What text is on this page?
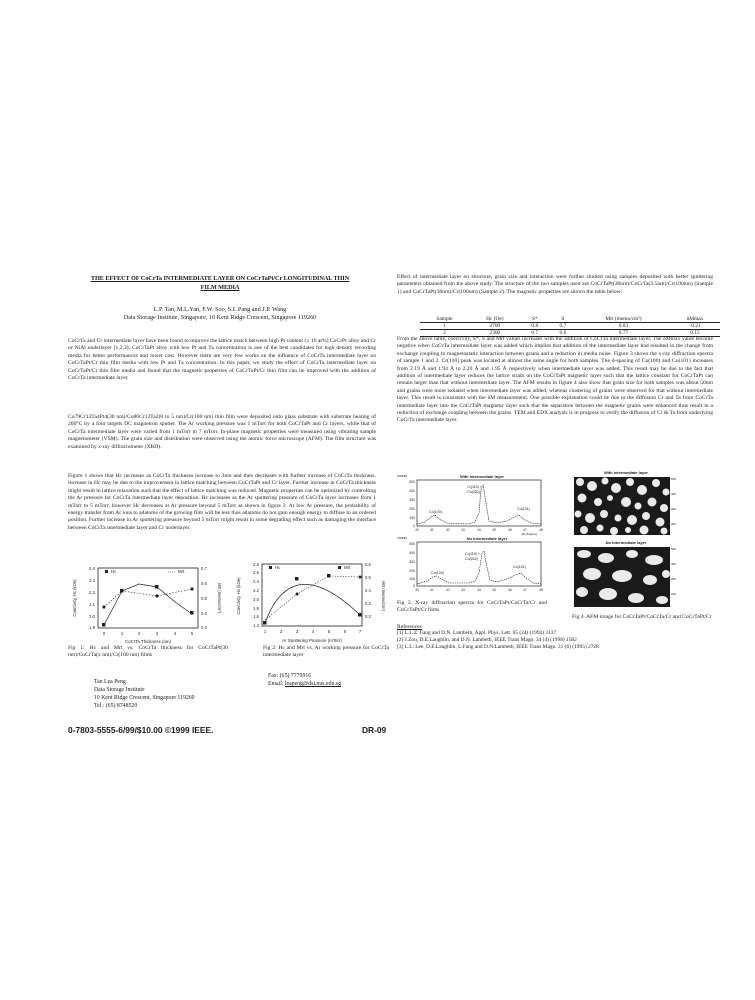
THE EFFECT OF CoCrTa INTERMEDIATE LAYER ON CoCrTaPt/Cr LONGITUDINAL THIN
FILM MEDIA
L.P. Tan, M.L.Yan, F.W. Soo, S.L Pang and J.P. Wang
Data Storage Institute, Singapore, 10 Kent Ridge Crescent, Singapore 119260
CoCrTa and Cr intermediate layer have been found to improve the lattice match between high Pt content (≥ 16 at%) CoCrPt alloy and Cr or NiAl underlayer [1,2,3]. CoCrTaPt alloy with low Pt and Ta concentration is one of the best candidates for high density recording media for better performances and lower cost. However there are very few works on the influence of CoCrTa intermediate layer on CoCrTaPt/Cr thin film media with low Pt and Ta concentration. In this paper, we study the effect of CoCrTa intermediate layer on CoCrTaPt/Cr thin film media and found that the magnetic properties of CoCrTaPt/Cr thin film can be improved with the addition of CoCrTa intermediate layer.
Co79Cr13Ta4Pt4(30 nm)/Co86Cr12Ta2(0 to 5 nm)/Cr(100 nm) thin film were deposited onto glass substrate with substrate heating of 200°C by a four targets DC magnetron sputter. The Ar working pressure was 1 mTorr for both CoCrTaPt and Cr layers, while that of CoCrTa intermediate layer were varied from 1 mTorr to 7 mTorr. In-plane magnetic properties were measured using vibrating sample magnetometer (VSM). The grain size and distribution were observed using the atomic force microscope (AFM). The film structure was examined by x-ray diffractometer (XRD).
Figure 1 shows that Hc increases as CoCrTa thickness increase to 3nm and then decreases with further increase of CoCrTa thickness. Increase in Hc may be due to the improvement in lattice matching between CoCrTaPt and Cr layer. Further increase in CoCrTa thickness might result in lattice relaxation such that the effect of lattice matching was reduced. Magnetic properties can be optimized by controlling the Ar pressure for CoCrTa intermediate layer deposition. Hc increases as the Ar sputtering pressure of CoCrTa layer increases from 1 mTorr to 5 mTorr, however Hc decreases at Ar pressure beyond 5 mTorr as shown in figure 2. At low Ar pressure, the probability of energy transfer from Ar ions to adatoms of the growing film will be less thus adatoms do not gain enough energy to diffuse to an ordered position. Further increase in Ar sputtering pressure beyond 5 mTorr might result in some degrading effect such as damaging the interface between CoCrTa intermediate layer and Cr underlayer.
2.4
2.3
2.2
2.1
2.0
1.9
0.7
0.6
0.5
0.4
0.3
0	1	2	3	4	5
CoCrTa Thickness (nm)
Coercivity, Hc (kOe)	Mrt (memu/cm²)
Hc	Mrt
Fig 1: Hc and Mrt vs. CoCrTa thickness for CoCrTaPt(30 nm)/CoCrTa(x nm)/Cr(100 nm) films
2.8
2.6
2.4
2.2
2.0
1.8
1.6
1.4
0.6
0.5
0.4
0.3
0.2
1	2	3	4	5	6	7
Ar Sputtering Pressure (mTorr)
Coercivity, Hc (kOe)	Mrt (memu/cm²)
Hc	Mrt
Fig 2: Hc and Mrt vs. Ar working pressure for CoCrTa intermediate layer
Tan Lea Peng
Data Storage Institute
10 Kent Ridge Crescent, Singapore 119260
Tel : (65) 8748520
Fax: (65) 7779916
Email: leapeng@dsi.nus.edu.sg
0-7803-5555-6/99/$10.00 ©1999 IEEE.	DR-09
Effect of intermediate layer on structure, grain size and interaction were further studied using samples deposited with better sputtering parameters obtained from the above study. The structure of the two samples used are CoCrTaPt(30nm)/CoCrTa(3.5nm)/Cr(100nm) (Sample 1) and CoCrTaPt(30nm)/Cr(100nm) (Sample 2). The magnetic properties are shown the table below:
Sample	Hc (Oe)	S*	S	Mrt (memu/cm²)	δMmax
1	2700	0.8	0.7	0.83	-0.21
2	2300	0.7	0.6	0.77	0.15
From the above table, coercivity, S*, S and Mrt values increases with the addition of CoCrTa intermediate layer. The δMmax value become negative when CoCrTa intermediate layer was added which implies that addition of the intermediate layer had resulted in the change from exchange coupling to magnetostatic interaction between grains and a reduction in media noise. Figure 3 shows the x-ray diffraction spectra of sample 1 and 2. Cr(110) peak was located at almost the same angle for both samples. The d-spacing of Co(100) and Co(101) increases from 2.19 Å and 1.94 Å to 2.20 Å and 1.95 Å respectively when intermediate layer was added. This result may be due to the fact that addition of intermediate layer reduces the lattice strain on the CoCrTaPt magnetic layer such that the lattice constant for CoCrTaPt can remain larger than that without intermediate layer. The AFM results in figure 4 also show that grain size for both samples was about 50nm and grains were more isolated when intermediate layer was added, whereas clustering of grains were observed for that without intermediate layer. This result is consistent with the δM measurement. One possible explanation could be due to the diffusion Cr and Ta from CoCrTa intermediate layer into the CoCrTaPt magnetic layer such that the separation between the magnetic grains were enhanced thus result in a reduction of exchange coupling between the grains. TEM and EDX analysis is in progress to verify the diffusion of Cr & Ta from underlying CoCrTa intermediate layer.
counts	With intermediate layer
500
400
300
200
100
0
Co(100)
Cr(110) +
Co(002)
Co(101)
40	41	42	43	44	45	46	47	48
2θ (degree)
counts	No intermediate layer
500
400
300
200
100
0
Co(100)
Cr(110) +
Co(002)
Co(101)
40	41	42	43	44	45	46	47	48
Fig 3. X-ray diffraction spectra for CoCrTaPt/CoCrTa/Cr and CoCrTaPt/Cr films
With intermediate layer
500
400
300
200
No intermediate layer
500
400
300
200
Fig 4. AFM image for CoCrTaPt/CoCrTa/Cr and CoCrTaPt/Cr
References
[1] L.L.Z. Fang and D.N. Lambeth, Appl. Phys. Lett. 65 (24) (1994) 3137
[2] J.Zou, D.E.Laughlin, and D.N. Lambeth, IEEE Trans Magn. 34 (4) (1998) 1582
[3] L.L. Lee, D.E.Laughlin, L.Fang and D.N.Lambeth, IEEE Trans Magn. 31 (6) (1995) 2728
